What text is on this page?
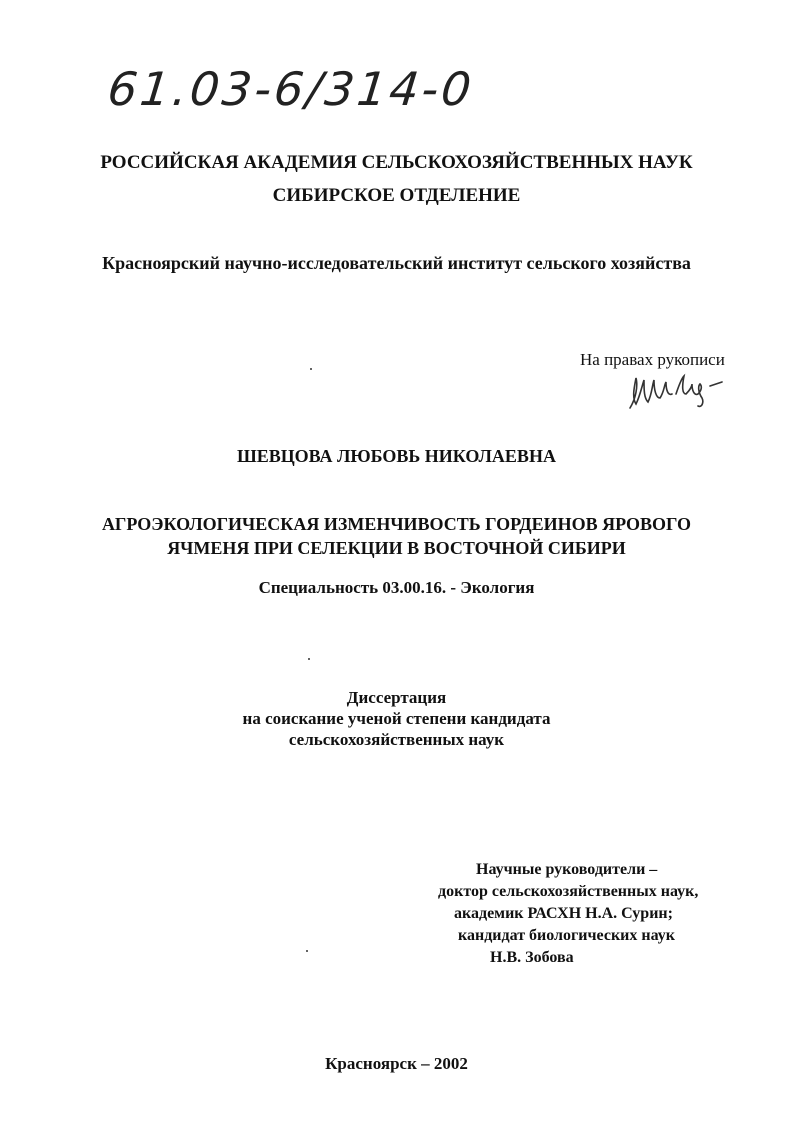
61.03-6/314-0
РОССИЙСКАЯ АКАДЕМИЯ СЕЛЬСКОХОЗЯЙСТВЕННЫХ НАУК
СИБИРСКОЕ ОТДЕЛЕНИЕ
Красноярский научно-исследовательский институт сельского хозяйства
На правах рукописи
ШЕВЦОВА ЛЮБОВЬ НИКОЛАЕВНА
АГРОЭКОЛОГИЧЕСКАЯ ИЗМЕНЧИВОСТЬ ГОРДЕИНОВ ЯРОВОГО
ЯЧМЕНЯ ПРИ СЕЛЕКЦИИ В ВОСТОЧНОЙ СИБИРИ
Специальность 03.00.16. - Экология
Диссертация
на соискание ученой степени кандидата
сельскохозяйственных наук
Научные руководители –
доктор сельскохозяйственных наук,
академик РАСХН Н.А. Сурин;
кандидат биологических наук
Н.В. Зобова
Красноярск – 2002
